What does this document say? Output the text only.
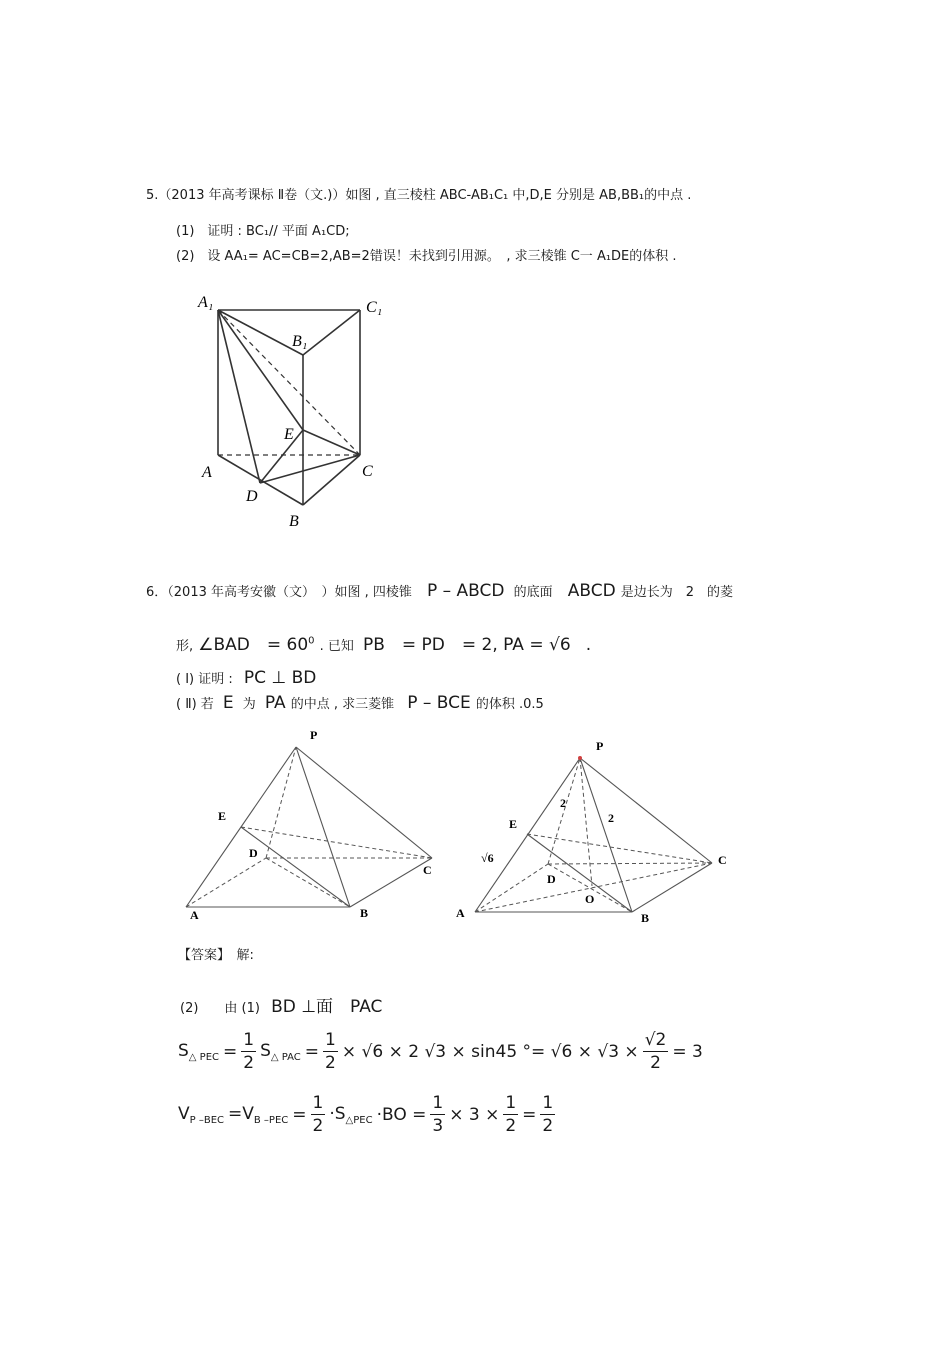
5.（2013 年高考课标 Ⅱ卷（文.)）如图 , 直三棱柱 ABC-AB₁C₁ 中,D,E 分别是 AB,BB₁的中点 .
(1)　证明 : BC₁// 平面 A₁CD;
(2)　设 AA₁= AC=CB=2,AB=2错误！未找到引用源。　, 求三棱锥 C一 A₁DE的体积 .
A₁	C₁
B₁
E
A	C
D
B
6．（2013 年高考安徽（文）　）如图 , 四棱锥 P – ABCD 的底面 ABCD 是边长为　2　的菱
形, ∠BAD　= $60^0$ . 已知 PB　= PD　= 2, PA = √6 .
( Ⅰ) 证明 : PC ⊥ BD
( Ⅱ) 若 E 为 PA 的中点 , 求三菱锥 P – BCE 的体积 .0.5
P
E
D
C
A	B
P
2
2
E
√6	C
D
O
A	B
【答案】　解:
(2)　　由 (1) BD ⊥面　PAC
$S_{\triangle PEC} = \frac{1}{2} S_{\triangle PAC} = \frac{1}{2} \times √6 \times 2$ √3 × sin45 °= $√6 \times √3 \times \frac{√2}{2} = 3$
$V_{P -BEC} =V_{B -PEC} = \frac{1}{2} \cdot S_{\triangle PEC} \cdot BO = \frac{1}{3} \times 3 \times \frac{1}{2} = \frac{1}{2}$
